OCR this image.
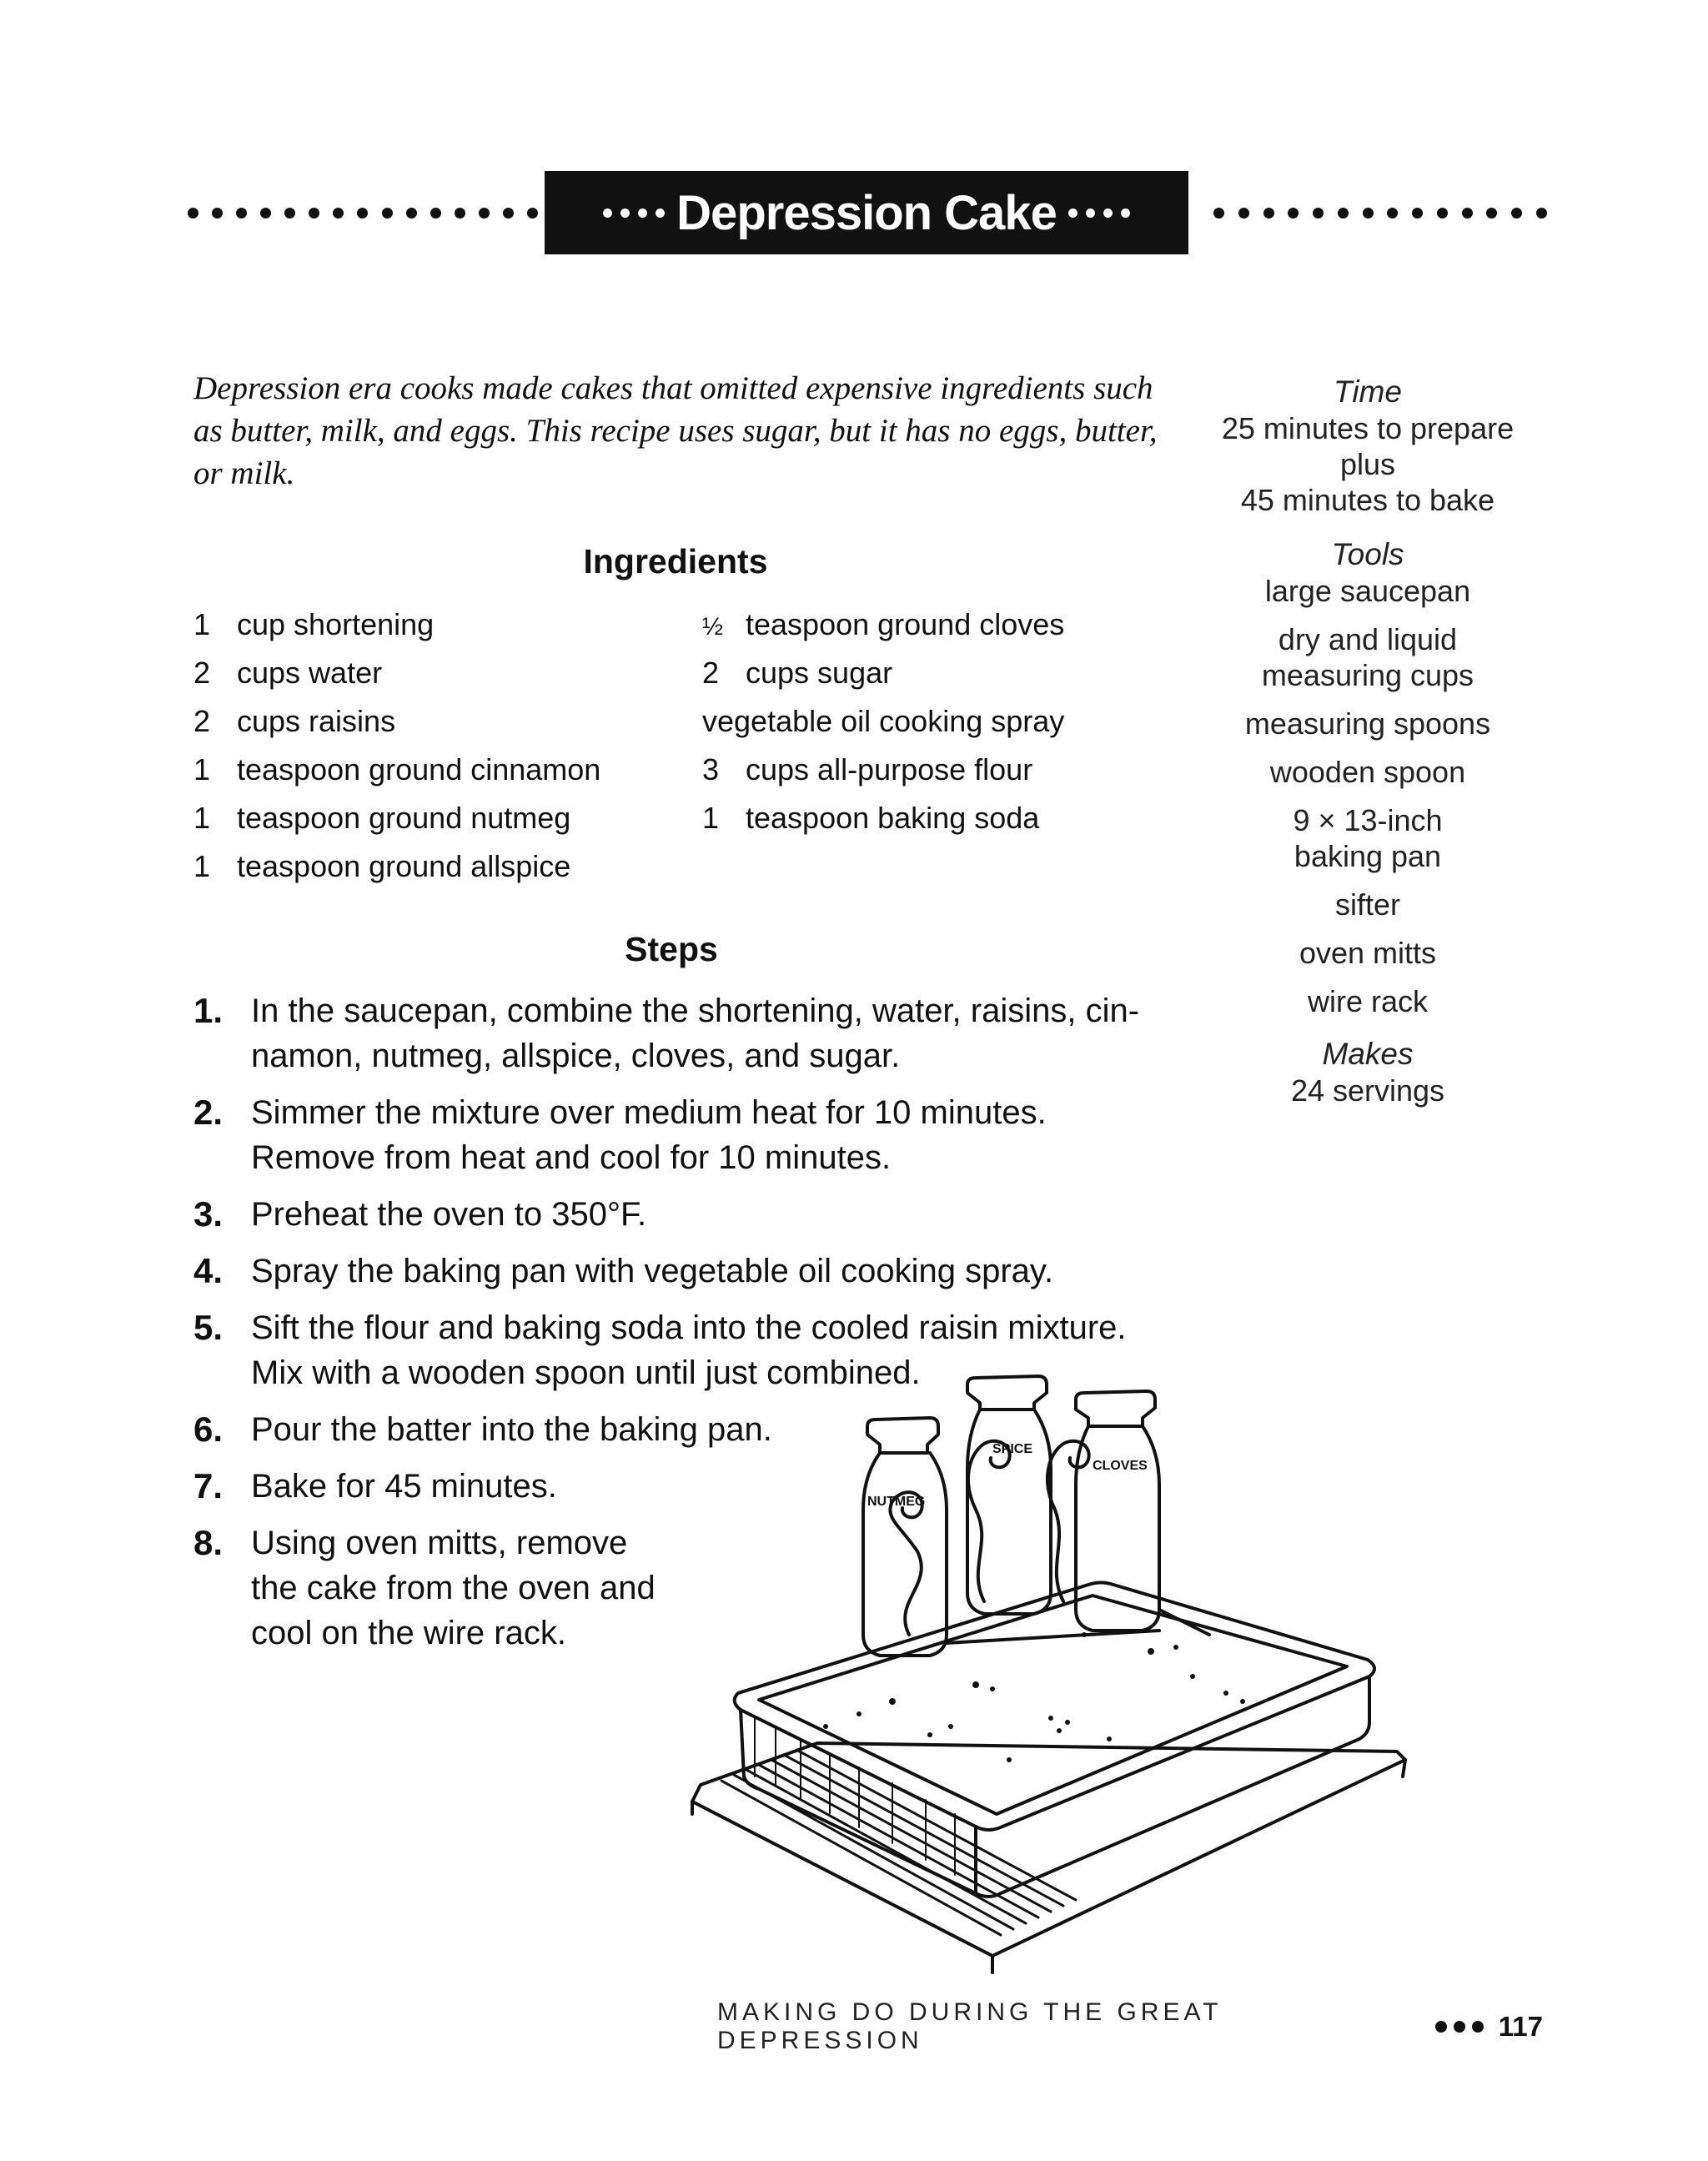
Depression Cake
Depression era cooks made cakes that omitted expensive ingredients such as butter, milk, and eggs. This recipe uses sugar, but it has no eggs, butter, or milk.
Ingredients
1 cup shortening
2 cups water
2 cups raisins
1 teaspoon ground cinnamon
1 teaspoon ground nutmeg
1 teaspoon ground allspice
½ teaspoon ground cloves
2 cups sugar
vegetable oil cooking spray
3 cups all-purpose flour
1 teaspoon baking soda
Steps
1. In the saucepan, combine the shortening, water, raisins, cin-namon, nutmeg, allspice, cloves, and sugar.
2. Simmer the mixture over medium heat for 10 minutes. Remove from heat and cool for 10 minutes.
3. Preheat the oven to 350°F.
4. Spray the baking pan with vegetable oil cooking spray.
5. Sift the flour and baking soda into the cooled raisin mixture. Mix with a wooden spoon until just combined.
6. Pour the batter into the baking pan.
7. Bake for 45 minutes.
8. Using oven mitts, remove the cake from the oven and cool on the wire rack.
Time
25 minutes to prepare
plus
45 minutes to bake
Tools
large saucepan
dry and liquid measuring cups
measuring spoons
wooden spoon
9 × 13-inch baking pan
sifter
oven mitts
wire rack
Makes
24 servings
SPICE
CLOVES
NUTMEG
MAKING DO DURING THE GREAT DEPRESSION	117
